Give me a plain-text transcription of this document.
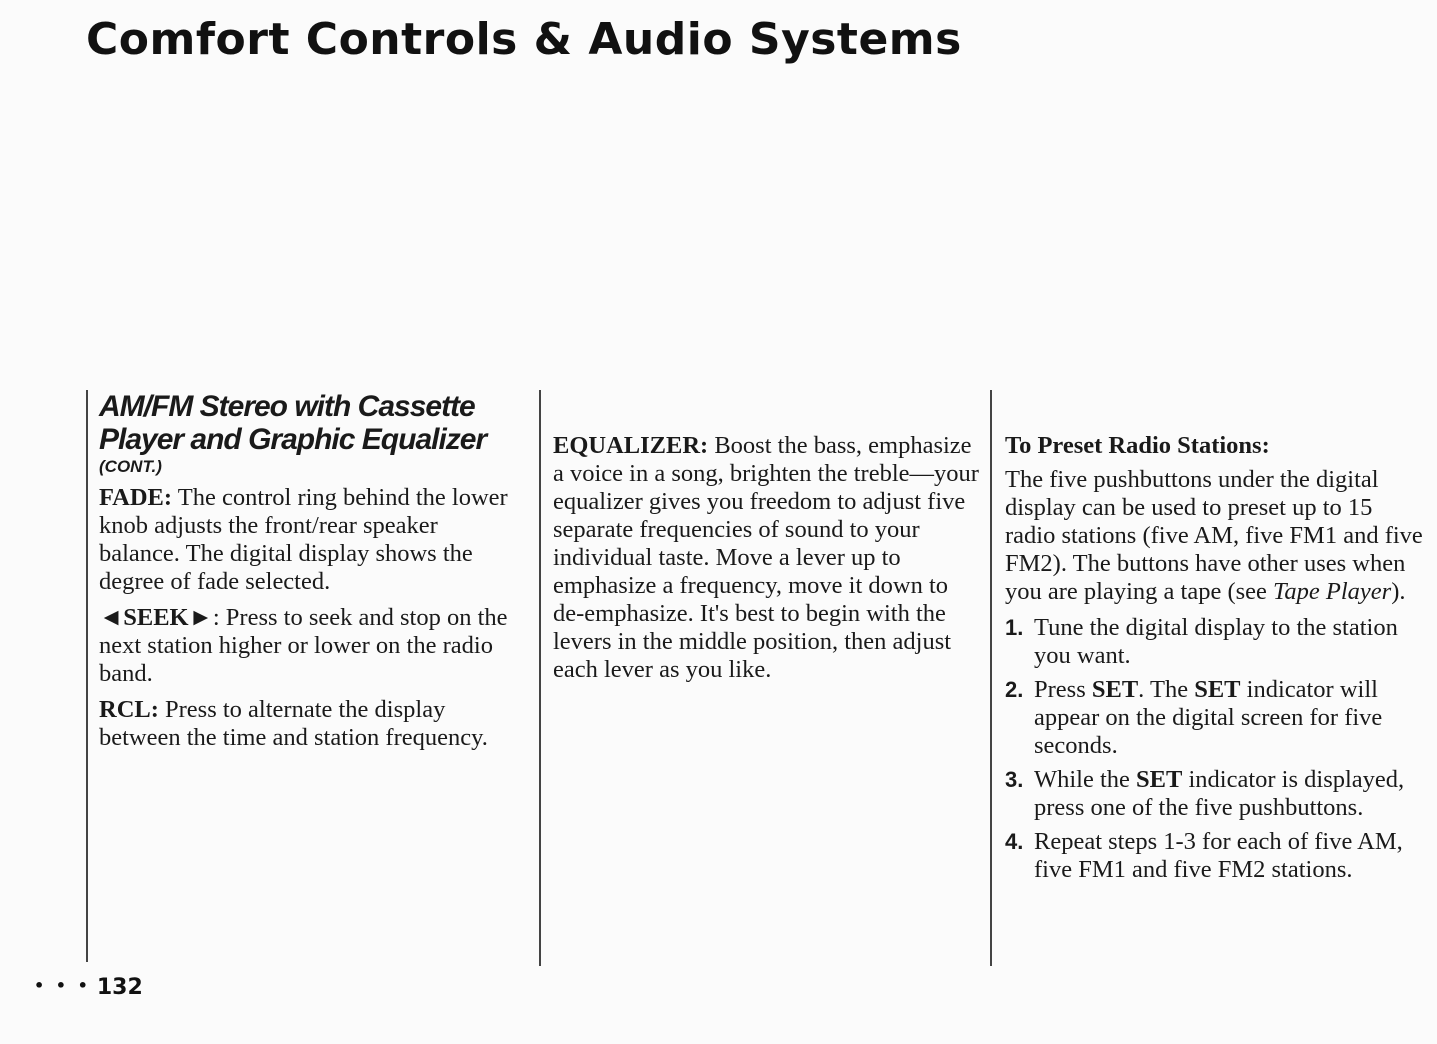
Comfort Controls & Audio Systems
AM/FM Stereo with Cassette
Player and Graphic Equalizer
(CONT.)

FADE: The control ring behind the lower knob adjusts the front/rear speaker balance. The digital display shows the degree of fade selected.

◄SEEK►: Press to seek and stop on the next station higher or lower on the radio band.

RCL: Press to alternate the display between the time and station frequency.

EQUALIZER: Boost the bass, emphasize a voice in a song, brighten the treble—your equalizer gives you freedom to adjust five separate frequencies of sound to your individual taste. Move a lever up to emphasize a frequency, move it down to de-emphasize. It's best to begin with the levers in the middle position, then adjust each lever as you like.

To Preset Radio Stations:

The five pushbuttons under the digital display can be used to preset up to 15 radio stations (five AM, five FM1 and five FM2). The buttons have other uses when you are playing a tape (see Tape Player).

1. Tune the digital display to the station you want.
2. Press SET. The SET indicator will appear on the digital screen for five seconds.
3. While the SET indicator is displayed, press one of the five pushbuttons.
4. Repeat steps 1-3 for each of five AM, five FM1 and five FM2 stations.
• • • 132
